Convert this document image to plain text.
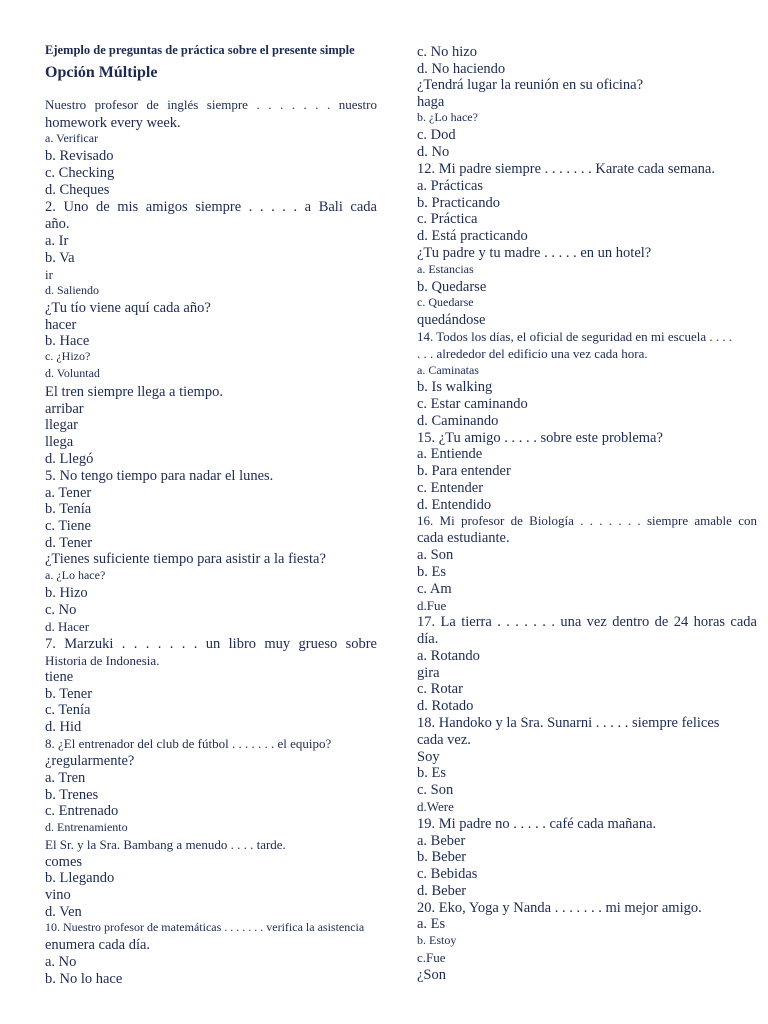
Ejemplo de preguntas de práctica sobre el presente simple
Opción Múltiple
Nuestro profesor de inglés siempre . . . . . . . nuestro
homework every week.
a. Verificar
b. Revisado
c. Checking
d. Cheques
2. Uno de mis amigos siempre . . . . . a Bali cada
año.
a. Ir
b. Va
ir
d. Saliendo
¿Tu tío viene aquí cada año?
hacer
b. Hace
c. ¿Hizo?
d. Voluntad
El tren siempre llega a tiempo.
arribar
llegar
llega
d. Llegó
5. No tengo tiempo para nadar el lunes.
a. Tener
b. Tenía
c. Tiene
d. Tener
¿Tienes suficiente tiempo para asistir a la fiesta?
a. ¿Lo hace?
b. Hizo
c. No
d. Hacer
7. Marzuki . . . . . . . un libro muy grueso sobre
Historia de Indonesia.
tiene
b. Tener
c. Tenía
d. Hid
8. ¿El entrenador del club de fútbol . . . . . . . el equipo?
¿regularmente?
a. Tren
b. Trenes
c. Entrenado
d. Entrenamiento
El Sr. y la Sra. Bambang a menudo . . . . tarde.
comes
b. Llegando
vino
d. Ven
10. Nuestro profesor de matemáticas . . . . . . . verifica la asistencia
enumera cada día.
a. No
b. No lo hace
c. No hizo
d. No haciendo
¿Tendrá lugar la reunión en su oficina?
haga
b. ¿Lo hace?
c. Dod
d. No
12. Mi padre siempre . . . . . . . Karate cada semana.
a. Prácticas
b. Practicando
c. Práctica
d. Está practicando
¿Tu padre y tu madre . . . . . en un hotel?
a. Estancias
b. Quedarse
c. Quedarse
quedándose
14. Todos los días, el oficial de seguridad en mi escuela . . . .
. . . alrededor del edificio una vez cada hora.
a. Caminatas
b. Is walking
c. Estar caminando
d. Caminando
15. ¿Tu amigo . . . . . sobre este problema?
a. Entiende
b. Para entender
c. Entender
d. Entendido
16. Mi profesor de Biología . . . . . . . siempre amable con
cada estudiante.
a. Son
b. Es
c. Am
d.Fue
17. La tierra . . . . . . . una vez dentro de 24 horas cada
día.
a. Rotando
gira
c. Rotar
d. Rotado
18. Handoko y la Sra. Sunarni . . . . . siempre felices
cada vez.
Soy
b. Es
c. Son
d.Were
19. Mi padre no . . . . . café cada mañana.
a. Beber
b. Beber
c. Bebidas
d. Beber
20. Eko, Yoga y Nanda . . . . . . . mi mejor amigo.
a. Es
b. Estoy
c.Fue
¿Son
